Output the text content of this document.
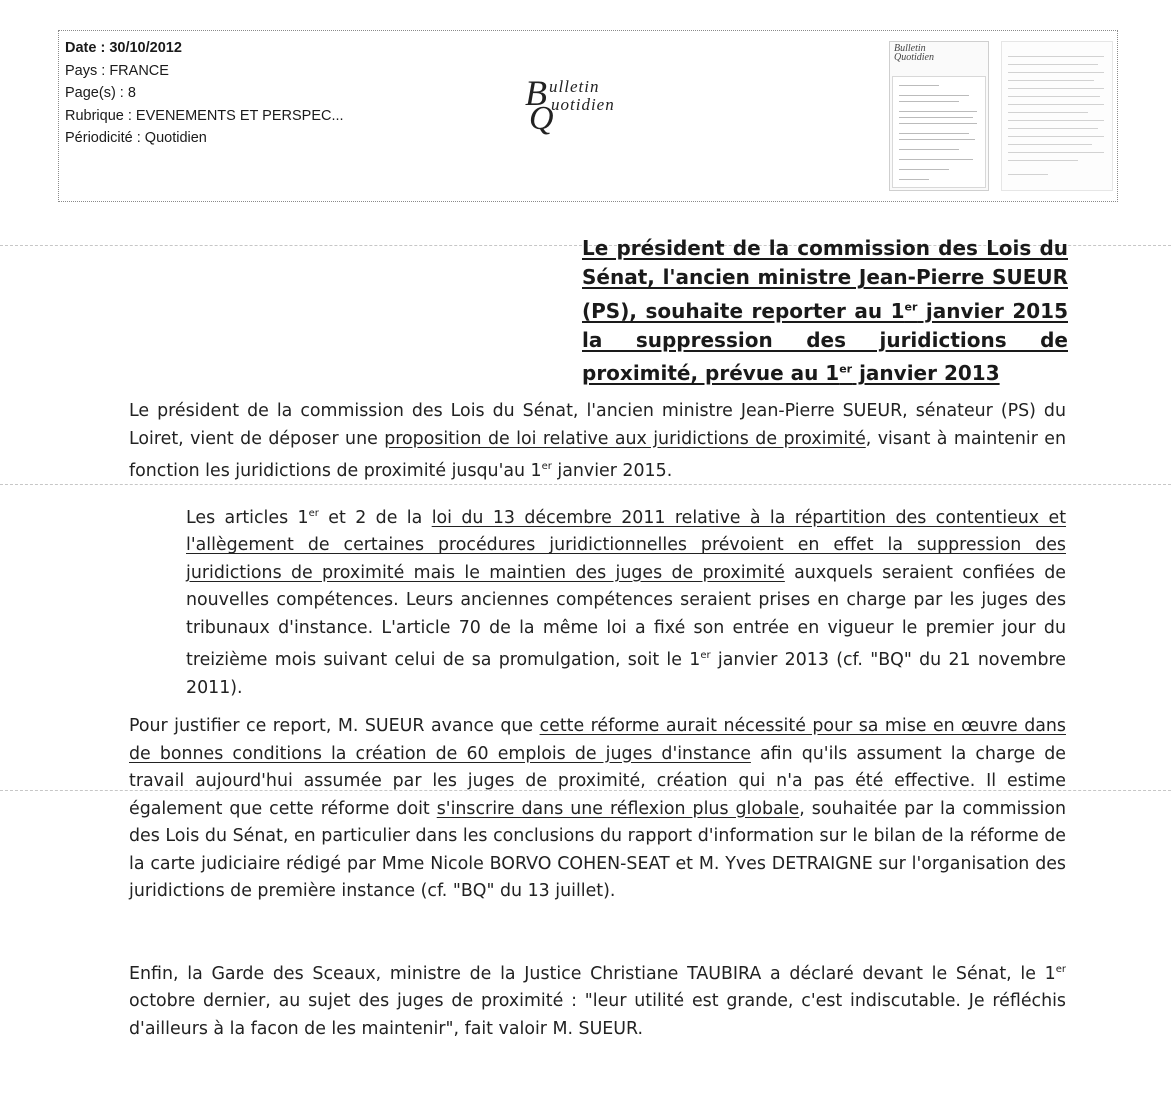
Date : 30/10/2012
Pays : FRANCE
Page(s) : 8
Rubrique : EVENEMENTS ET PERSPEC...
Périodicité : Quotidien
B ulletin
Q
uotidien
Bulletin
Quotidien
Le président de la commission des Lois du Sénat, l'ancien ministre Jean-Pierre SUEUR (PS), souhaite reporter au 1er janvier 2015 la suppression des juridictions de proximité, prévue au 1er janvier 2013
Le président de la commission des Lois du Sénat, l'ancien ministre Jean-Pierre SUEUR, sénateur (PS) du Loiret, vient de déposer une proposition de loi relative aux juridictions de proximité, visant à maintenir en fonction les juridictions de proximité jusqu'au 1er janvier 2015.
Les articles 1er et 2 de la loi du 13 décembre 2011 relative à la répartition des contentieux et l'allègement de certaines procédures juridictionnelles prévoient en effet la suppression des juridictions de proximité mais le maintien des juges de proximité auxquels seraient confiées de nouvelles compétences. Leurs anciennes compétences seraient prises en charge par les juges des tribunaux d'instance. L'article 70 de la même loi a fixé son entrée en vigueur le premier jour du treizième mois suivant celui de sa promulgation, soit le 1er janvier 2013 (cf. "BQ" du 21 novembre 2011).
Pour justifier ce report, M. SUEUR avance que cette réforme aurait nécessité pour sa mise en œuvre dans de bonnes conditions la création de 60 emplois de juges d'instance afin qu'ils assument la charge de travail aujourd'hui assumée par les juges de proximité, création qui n'a pas été effective. Il estime également que cette réforme doit s'inscrire dans une réflexion plus globale, souhaitée par la commission des Lois du Sénat, en particulier dans les conclusions du rapport d'information sur le bilan de la réforme de la carte judiciaire rédigé par Mme Nicole BORVO COHEN-SEAT et M. Yves DETRAIGNE sur l'organisation des juridictions de première instance (cf. "BQ" du 13 juillet).
Enfin, la Garde des Sceaux, ministre de la Justice Christiane TAUBIRA a déclaré devant le Sénat, le 1er octobre dernier, au sujet des juges de proximité : "leur utilité est grande, c'est indiscutable. Je réfléchis d'ailleurs à la facon de les maintenir", fait valoir M. SUEUR.
